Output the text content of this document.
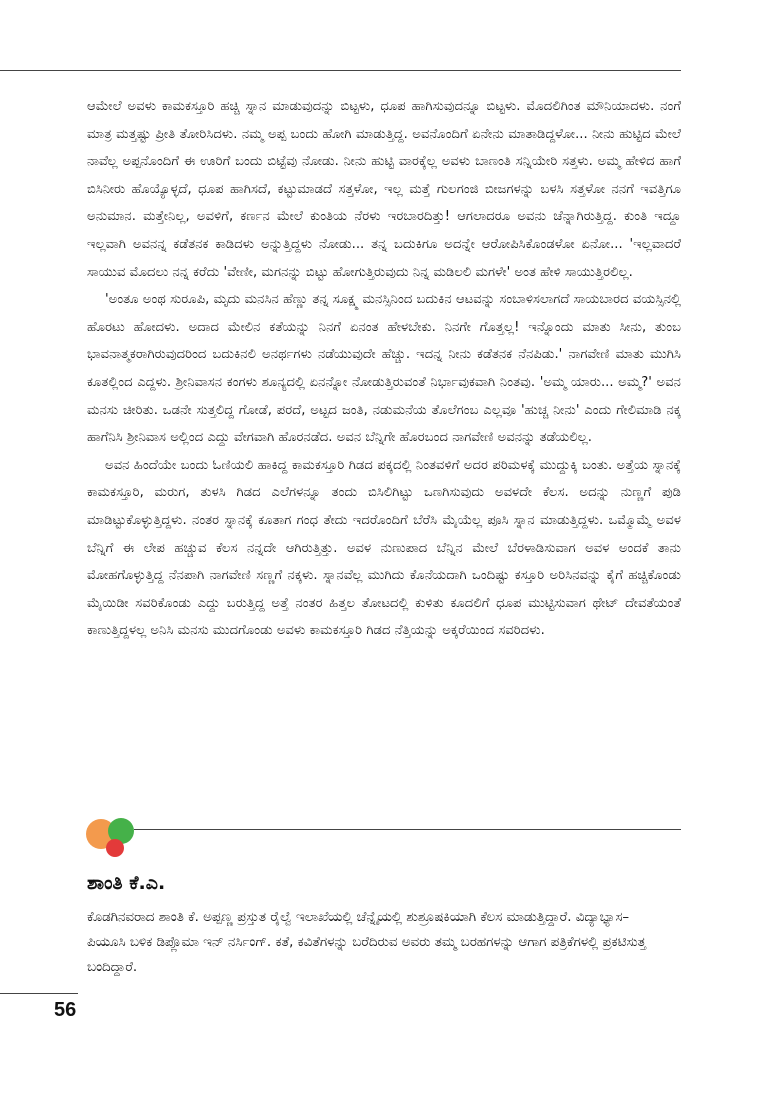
ಆಮೇಲೆ ಅವಳು ಕಾಮಕಸ್ತೂರಿ ಹಚ್ಚಿ ಸ್ನಾನ ಮಾಡುವುದನ್ನು ಬಿಟ್ಟಳು, ಧೂಪ ಹಾಗಿಸುವುದನ್ನೂ ಬಿಟ್ಟಳು. ಮೊದಲಿಗಿಂತ ಮೌನಿಯಾದಳು. ನಂಗೆ ಮಾತ್ರ ಮತ್ತಷ್ಟು ಪ್ರೀತಿ ತೋರಿಸಿದಳು. ನಮ್ಮ ಅಪ್ಪ ಬಂದು ಹೋಗಿ ಮಾಡುತ್ತಿದ್ದ. ಅವನೊಂದಿಗೆ ಏನೇನು ಮಾತಾಡಿದ್ದಳೋ... ನೀನು ಹುಟ್ಟಿದ ಮೇಲೆ ನಾವೆಲ್ಲ ಅಪ್ಪನೊಂದಿಗೆ ಈ ಊರಿಗೆ ಬಂದು ಬಿಟ್ಟೆವು ನೋಡು. ನೀನು ಹುಟ್ಟಿ ವಾರಕ್ಕೆಲ್ಲ ಅವಳು ಬಾಣಂತಿ ಸನ್ನಿಯೇರಿ ಸತ್ತಳು. ಅಮ್ಮ ಹೇಳಿದ ಹಾಗೆ ಬಿಸಿನೀರು ಹೊಯ್ಯೊಳ್ಳದೆ, ಧೂಪ ಹಾಗಿಸದೆ, ಕಟ್ಟುಮಾಡದೆ ಸತ್ತಳೋ, ಇಲ್ಲ ಮತ್ತೆ ಗುಲಗಂಜಿ ಬೀಜಗಳನ್ನು ಬಳಸಿ ಸತ್ತಳೋ ನನಗೆ ಇವತ್ತಿಗೂ ಅನುಮಾನ. ಮತ್ತೇನಿಲ್ಲ, ಅವಳಿಗೆ, ಕರ್ಣನ ಮೇಲೆ ಕುಂತಿಯ ನೆರಳು ಇರಬಾರದಿತ್ತು! ಆಗಲಾದರೂ ಅವನು ಚೆನ್ನಾಗಿರುತ್ತಿದ್ದ. ಕುಂತಿ ಇದ್ದೂ ಇಲ್ಲವಾಗಿ ಅವನನ್ನ ಕಡೆತನಕ ಕಾಡಿದಳು ಅನ್ನುತ್ತಿದ್ದಳು ನೋಡು... ತನ್ನ ಬದುಕಿಗೂ ಅದನ್ನೇ ಆರೋಪಿಸಿಕೊಂಡಳೋ ಏನೋ... 'ಇಲ್ಲವಾದರೆ ಸಾಯುವ ಮೊದಲು ನನ್ನ ಕರೆದು 'ವೇಣೀ, ಮಗನನ್ನು ಬಿಟ್ಟು ಹೋಗುತ್ತಿರುವುದು ನಿನ್ನ ಮಡಿಲಲಿ ಮಗಳೇ' ಅಂತ ಹೇಳಿ ಸಾಯುತ್ತಿರಲಿಲ್ಲ.

'ಅಂತೂ ಅಂಥ ಸುರೂಪಿ, ಮೃದು ಮನಸಿನ ಹೆಣ್ಣು ತನ್ನ ಸೂಕ್ಷ್ಮ ಮನಸ್ಸಿನಿಂದ ಬದುಕಿನ ಆಟವನ್ನು ಸಂಬಾಳಿಸಲಾಗದೆ ಸಾಯಬಾರದ ವಯಸ್ಸಿನಲ್ಲಿ ಹೊರಟು ಹೋದಳು. ಅದಾದ ಮೇಲಿನ ಕತೆಯನ್ನು ನಿನಗೆ ಏನಂತ ಹೇಳಬೇಕು. ನಿನಗೇ ಗೊತ್ತಲ್ಲ! ಇನ್ನೊಂದು ಮಾತು ಸೀನು, ತುಂಬ ಭಾವನಾತ್ಮಕರಾಗಿರುವುದರಿಂದ ಬದುಕಿನಲಿ ಅನರ್ಥಗಳು ನಡೆಯುವುದೇ ಹೆಚ್ಚು. ಇದನ್ನ ನೀನು ಕಡೆತನಕ ನೆನಪಿಡು.' ನಾಗವೇಣಿ ಮಾತು ಮುಗಿಸಿ ಕೂತಲ್ಲಿಂದ ಎದ್ದಳು. ಶ್ರೀನಿವಾಸನ ಕಂಗಳು ಶೂನ್ಯದಲ್ಲಿ ಏನನ್ನೋ ನೋಡುತ್ತಿರುವಂತೆ ನಿರ್ಭಾವುಕವಾಗಿ ನಿಂತವು. 'ಅಮ್ಮ ಯಾರು... ಅಮ್ಮ?' ಅವನ ಮನಸು ಚೀರಿತು. ಒಡನೇ ಸುತ್ತಲಿದ್ದ ಗೋಡೆ, ಪರದೆ, ಅಟ್ಟದ ಜಂತಿ, ನಡುಮನೆಯ ತೊಲೆಗಂಬ ಎಲ್ಲವೂ 'ಹುಚ್ಚ ನೀನು' ಎಂದು ಗೇಲಿಮಾಡಿ ನಕ್ಕ ಹಾಗೆನಿಸಿ ಶ್ರೀನಿವಾಸ ಅಲ್ಲಿಂದ ಎದ್ದು ವೇಗವಾಗಿ ಹೊರನಡೆದ. ಅವನ ಬೆನ್ನಿಗೇ ಹೊರಬಂದ ನಾಗವೇಣಿ ಅವನನ್ನು ತಡೆಯಲಿಲ್ಲ.

ಅವನ ಹಿಂದೆಯೇ ಬಂದು ಓಣಿಯಲಿ ಹಾಕಿದ್ದ ಕಾಮಕಸ್ತೂರಿ ಗಿಡದ ಪಕ್ಕದಲ್ಲಿ ನಿಂತವಳಿಗೆ ಅದರ ಪರಿಮಳಕ್ಕೆ ಮುದ್ದುಕ್ಕಿ ಬಂತು. ಅತ್ತೆಯ ಸ್ನಾನಕ್ಕೆ ಕಾಮಕಸ್ತೂರಿ, ಮರುಗ, ತುಳಸಿ ಗಿಡದ ಎಲೆಗಳನ್ನೂ ತಂದು ಬಿಸಿಲಿಗಿಟ್ಟು ಒಣಗಿಸುವುದು ಅವಳದೇ ಕೆಲಸ. ಅದನ್ನು ನುಣ್ಣಗೆ ಪುಡಿ ಮಾಡಿಟ್ಟುಕೊಳ್ಳುತ್ತಿದ್ದಳು. ನಂತರ ಸ್ನಾನಕ್ಕೆ ಕೂತಾಗ ಗಂಧ ತೇದು ಇದರೊಂದಿಗೆ ಬೆರೆಸಿ ಮೈಯೆಲ್ಲ ಪೂಸಿ ಸ್ನಾನ ಮಾಡುತ್ತಿದ್ದಳು. ಒಮ್ಮೊಮ್ಮೆ ಅವಳ ಬೆನ್ನಿಗೆ ಈ ಲೇಪ ಹಚ್ಚುವ ಕೆಲಸ ನನ್ನದೇ ಆಗಿರುತ್ತಿತ್ತು. ಅವಳ ನುಣುಪಾದ ಬೆನ್ನಿನ ಮೇಲೆ ಬೆರಳಾಡಿಸುವಾಗ ಅವಳ ಅಂದಕೆ ತಾನು ಮೋಹಗೊಳ್ಳುತ್ತಿದ್ದ ನೆನಪಾಗಿ ನಾಗವೇಣಿ ಸಣ್ಣಗೆ ನಕ್ಕಳು. ಸ್ನಾನವೆಲ್ಲ ಮುಗಿದು ಕೊನೆಯದಾಗಿ ಒಂದಿಷ್ಟು ಕಸ್ತೂರಿ ಅರಿಸಿನವನ್ನು ಕೈಗೆ ಹಚ್ಚಿಕೊಂಡು ಮೈಯಿಡೀ ಸವರಿಕೊಂಡು ಎದ್ದು ಬರುತ್ತಿದ್ದ ಅತ್ತೆ ನಂತರ ಹಿತ್ತಲ ತೋಟದಲ್ಲಿ ಕುಳಿತು ಕೂದಲಿಗೆ ಧೂಪ ಮುಟ್ಟಿಸುವಾಗ ಥೇಟ್ ದೇವತೆಯಂತೆ ಕಾಣುತ್ತಿದ್ದಳಲ್ಲ ಅನಿಸಿ ಮನಸು ಮುದಗೊಂಡು ಅವಳು ಕಾಮಕಸ್ತೂರಿ ಗಿಡದ ನೆತ್ತಿಯನ್ನು ಅಕ್ಕರೆಯಿಂದ ಸವರಿದಳು.

ಶಾಂತಿ ಕೆ.ಎ.

ಕೊಡಗಿನವರಾದ ಶಾಂತಿ ಕೆ. ಅಪ್ಪಣ್ಣ ಪ್ರಸ್ತುತ ರೈಲ್ವೆ ಇಲಾಖೆಯಲ್ಲಿ ಚೆನ್ನೈಯಲ್ಲಿ ಶುಶ್ರೂಷಕಿಯಾಗಿ ಕೆಲಸ ಮಾಡುತ್ತಿದ್ದಾರೆ. ವಿದ್ಯಾಭ್ಯಾಸ– ಪಿಯೂಸಿ ಬಳಿಕ ಡಿಪ್ಲೊಮಾ ಇನ್ ನರ್ಸಿಂಗ್. ಕತೆ, ಕವಿತೆಗಳನ್ನು ಬರೆದಿರುವ ಅವರು ತಮ್ಮ ಬರಹಗಳನ್ನು ಆಗಾಗ ಪತ್ರಿಕೆಗಳಲ್ಲಿ ಪ್ರಕಟಿಸುತ್ತ ಬಂದಿದ್ದಾರೆ.

56
